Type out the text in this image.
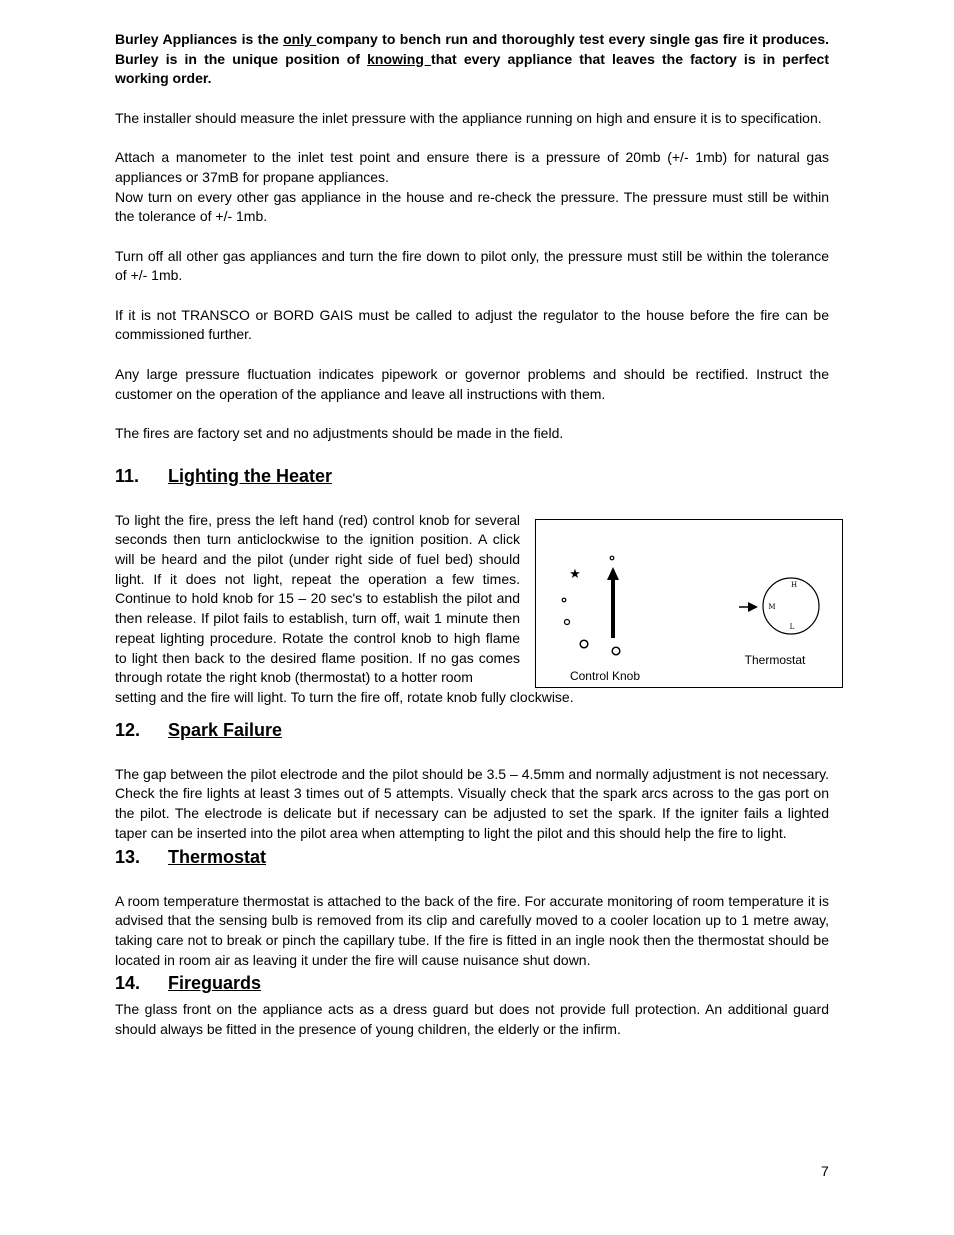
Burley Appliances is the only company to bench run and thoroughly test every single gas fire it produces. Burley is in the unique position of knowing that every appliance that leaves the factory is in perfect working order.

The installer should measure the inlet pressure with the appliance running on high and ensure it is to specification.

Attach a manometer to the inlet test point and ensure there is a pressure of 20mb (+/- 1mb) for natural gas appliances or 37mB for propane appliances.

Now turn on every other gas appliance in the house and re-check the pressure. The pressure must still be within the tolerance of +/- 1mb.

Turn off all other gas appliances and turn the fire down to pilot only, the pressure must still be within the tolerance of +/- 1mb.

If it is not TRANSCO or BORD GAIS must be called to adjust the regulator to the house before the fire can be commissioned further.

Any large pressure fluctuation indicates pipework or governor problems and should be rectified. Instruct the customer on the operation of the appliance and leave all instructions with them.

The fires are factory set and no adjustments should be made in the field.

11. Lighting the Heater

To light the fire, press the left hand (red) control knob for several seconds then turn anticlockwise to the ignition position. A click will be heard and the pilot (under right side of fuel bed) should light. If it does not light, repeat the operation a few times. Continue to hold knob for 15 – 20 sec's to establish the pilot and then release. If pilot fails to establish, turn off, wait 1 minute then repeat lighting procedure. Rotate the control knob to high flame to light then back to the desired flame position. If no gas comes through rotate the right knob (thermostat) to a hotter room

setting and the fire will light. To turn the fire off, rotate knob fully clockwise.

★
Control Knob
H
M
L
Thermostat

12. Spark Failure

The gap between the pilot electrode and the pilot should be 3.5 – 4.5mm and normally adjustment is not necessary. Check the fire lights at least 3 times out of 5 attempts. Visually check that the spark arcs across to the gas port on the pilot. The electrode is delicate but if necessary can be adjusted to set the spark. If the igniter fails a lighted taper can be inserted into the pilot area when attempting to light the pilot and this should help the fire to light.

13. Thermostat

A room temperature thermostat is attached to the back of the fire. For accurate monitoring of room temperature it is advised that the sensing bulb is removed from its clip and carefully moved to a cooler location up to 1 metre away, taking care not to break or pinch the capillary tube. If the fire is fitted in an ingle nook then the thermostat should be located in room air as leaving it under the fire will cause nuisance shut down.

14. Fireguards

The glass front on the appliance acts as a dress guard but does not provide full protection. An additional guard should always be fitted in the presence of young children, the elderly or the infirm.

7
